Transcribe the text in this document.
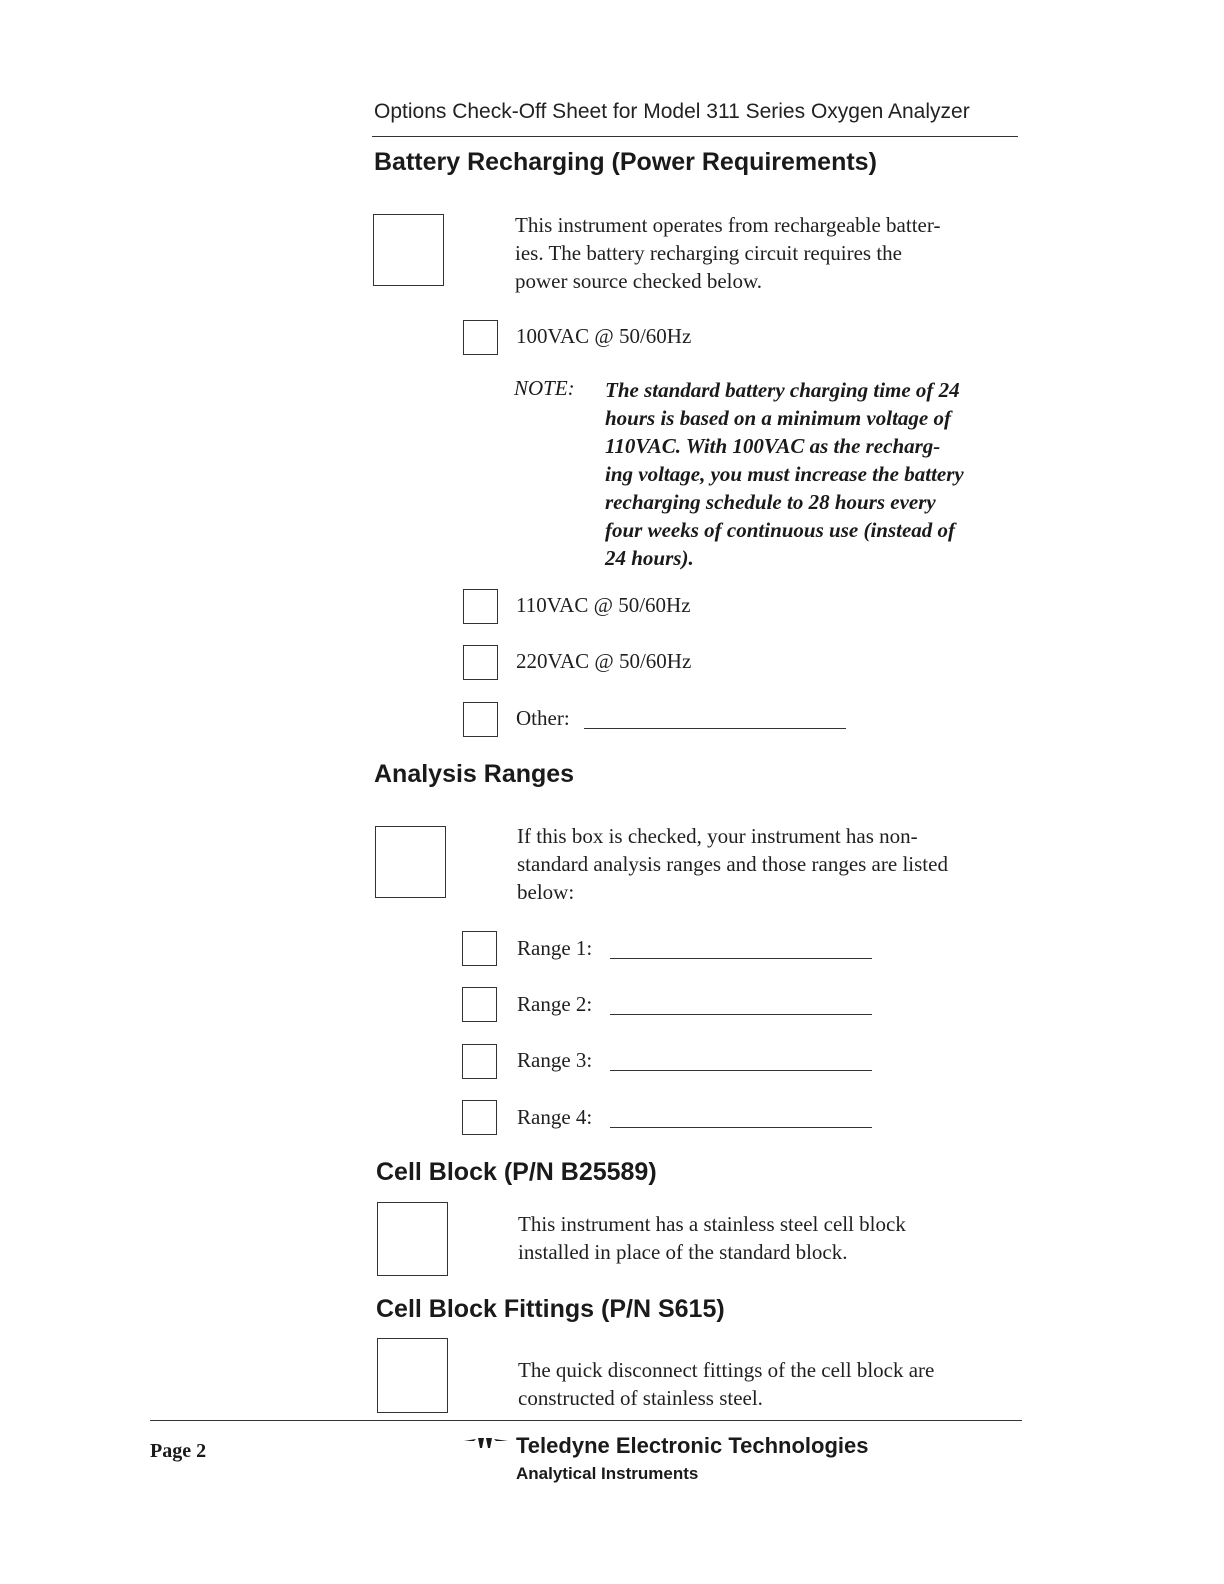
Options Check-Off Sheet for Model 311 Series Oxygen Analyzer
Battery Recharging (Power Requirements)
This instrument operates from rechargeable batter-
ies. The battery recharging circuit requires the
power source checked below.
100VAC @ 50/60Hz
NOTE: The standard battery charging time of 24
hours is based on a minimum voltage of
110VAC. With 100VAC as the recharg-
ing voltage, you must increase the battery
recharging schedule to 28 hours every
four weeks of continuous use (instead of
24 hours).
110VAC @ 50/60Hz
220VAC @ 50/60Hz
Other:
Analysis Ranges
If this box is checked, your instrument has non-
standard analysis ranges and those ranges are listed
below:
Range 1:
Range 2:
Range 3:
Range 4:
Cell Block (P/N B25589)
This instrument has a stainless steel cell block
installed in place of the standard block.
Cell Block Fittings (P/N S615)
The quick disconnect fittings of the cell block are
constructed of stainless steel.
Page 2	Teledyne Electronic Technologies
Analytical Instruments
